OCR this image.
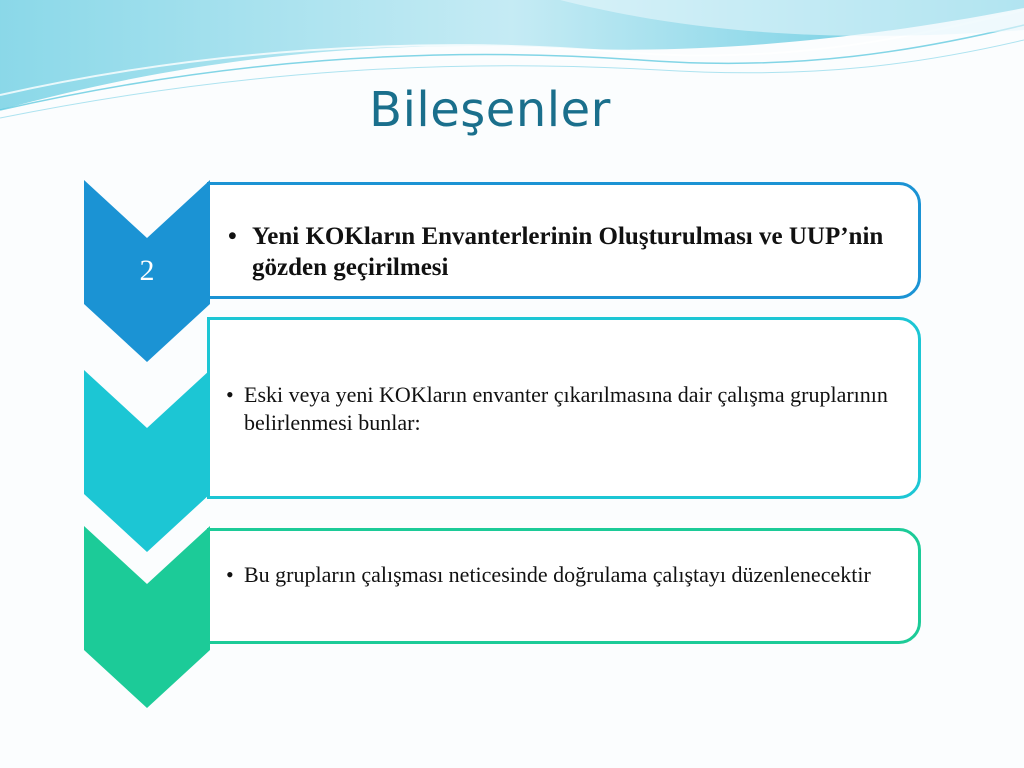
Bileşenler
2
• Yeni KOKların Envanterlerinin Oluşturulması ve UUP’nin gözden geçirilmesi
• Eski veya yeni KOKların envanter çıkarılmasına dair çalışma gruplarının belirlenmesi bunlar:
• Bu grupların çalışması neticesinde doğrulama çalıştayı düzenlenecektir
